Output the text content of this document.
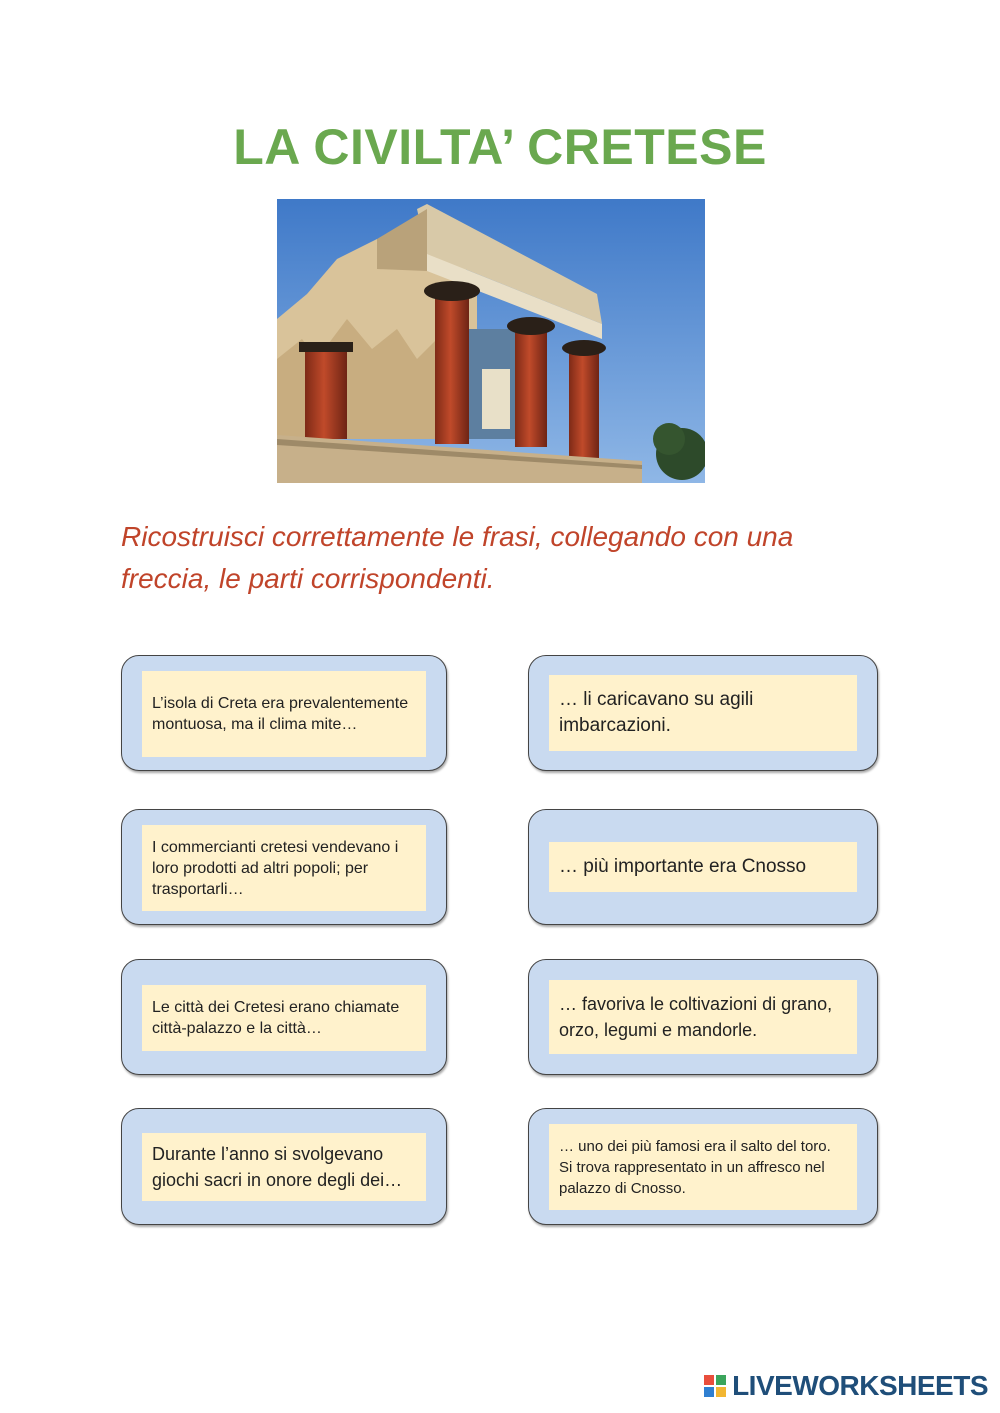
LA CIVILTA’ CRETESE

Ricostruisci correttamente le frasi, collegando con una freccia, le parti corrispondenti.

L’isola di Creta era prevalentemente montuosa, ma il clima mite…
I commercianti cretesi vendevano i loro prodotti ad altri popoli; per trasportarli…
Le città dei Cretesi erano chiamate città-palazzo e la città…
Durante l’anno si svolgevano giochi sacri in onore degli dei…
… li caricavano su agili imbarcazioni.
… più importante era Cnosso
… favoriva le coltivazioni di grano, orzo, legumi e mandorle.
… uno dei più famosi era il salto del toro. Si trova rappresentato in un affresco nel palazzo di Cnosso.
LIVEWORKSHEETS
